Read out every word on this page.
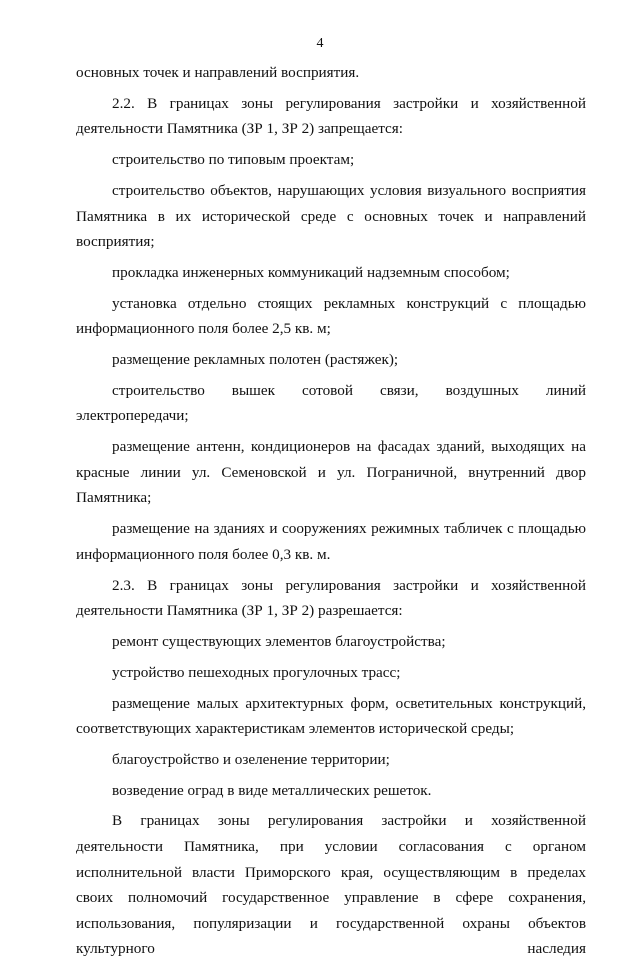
4

основных точек и направлений восприятия.

2.2. В границах зоны регулирования застройки и хозяйственной деятельности Памятника (ЗР 1, ЗР 2) запрещается:

строительство по типовым проектам;

строительство объектов, нарушающих условия визуального восприятия Памятника в их исторической среде с основных точек и направлений восприятия;

прокладка инженерных коммуникаций надземным способом;

установка отдельно стоящих рекламных конструкций с площадью информационного поля более 2,5 кв. м;

размещение рекламных полотен (растяжек);

строительство вышек сотовой связи, воздушных линий электропередачи;

размещение антенн, кондиционеров на фасадах зданий, выходящих на красные линии ул. Семеновской и ул. Пограничной, внутренний двор Памятника;

размещение на зданиях и сооружениях режимных табличек с площадью информационного поля более 0,3 кв. м.

2.3. В границах зоны регулирования застройки и хозяйственной деятельности Памятника (ЗР 1, ЗР 2) разрешается:

ремонт существующих элементов благоустройства;

устройство пешеходных прогулочных трасс;

размещение малых архитектурных форм, осветительных конструкций, соответствующих характеристикам элементов исторической среды;

благоустройство и озеленение территории;

возведение оград в виде металлических решеток.

В границах зоны регулирования застройки и хозяйственной деятельности Памятника, при условии согласования с органом исполнительной власти Приморского края, осуществляющим в пределах своих полномочий государственное управление в сфере сохранения, использования, популяризации и государственной охраны объектов культурного наследия
